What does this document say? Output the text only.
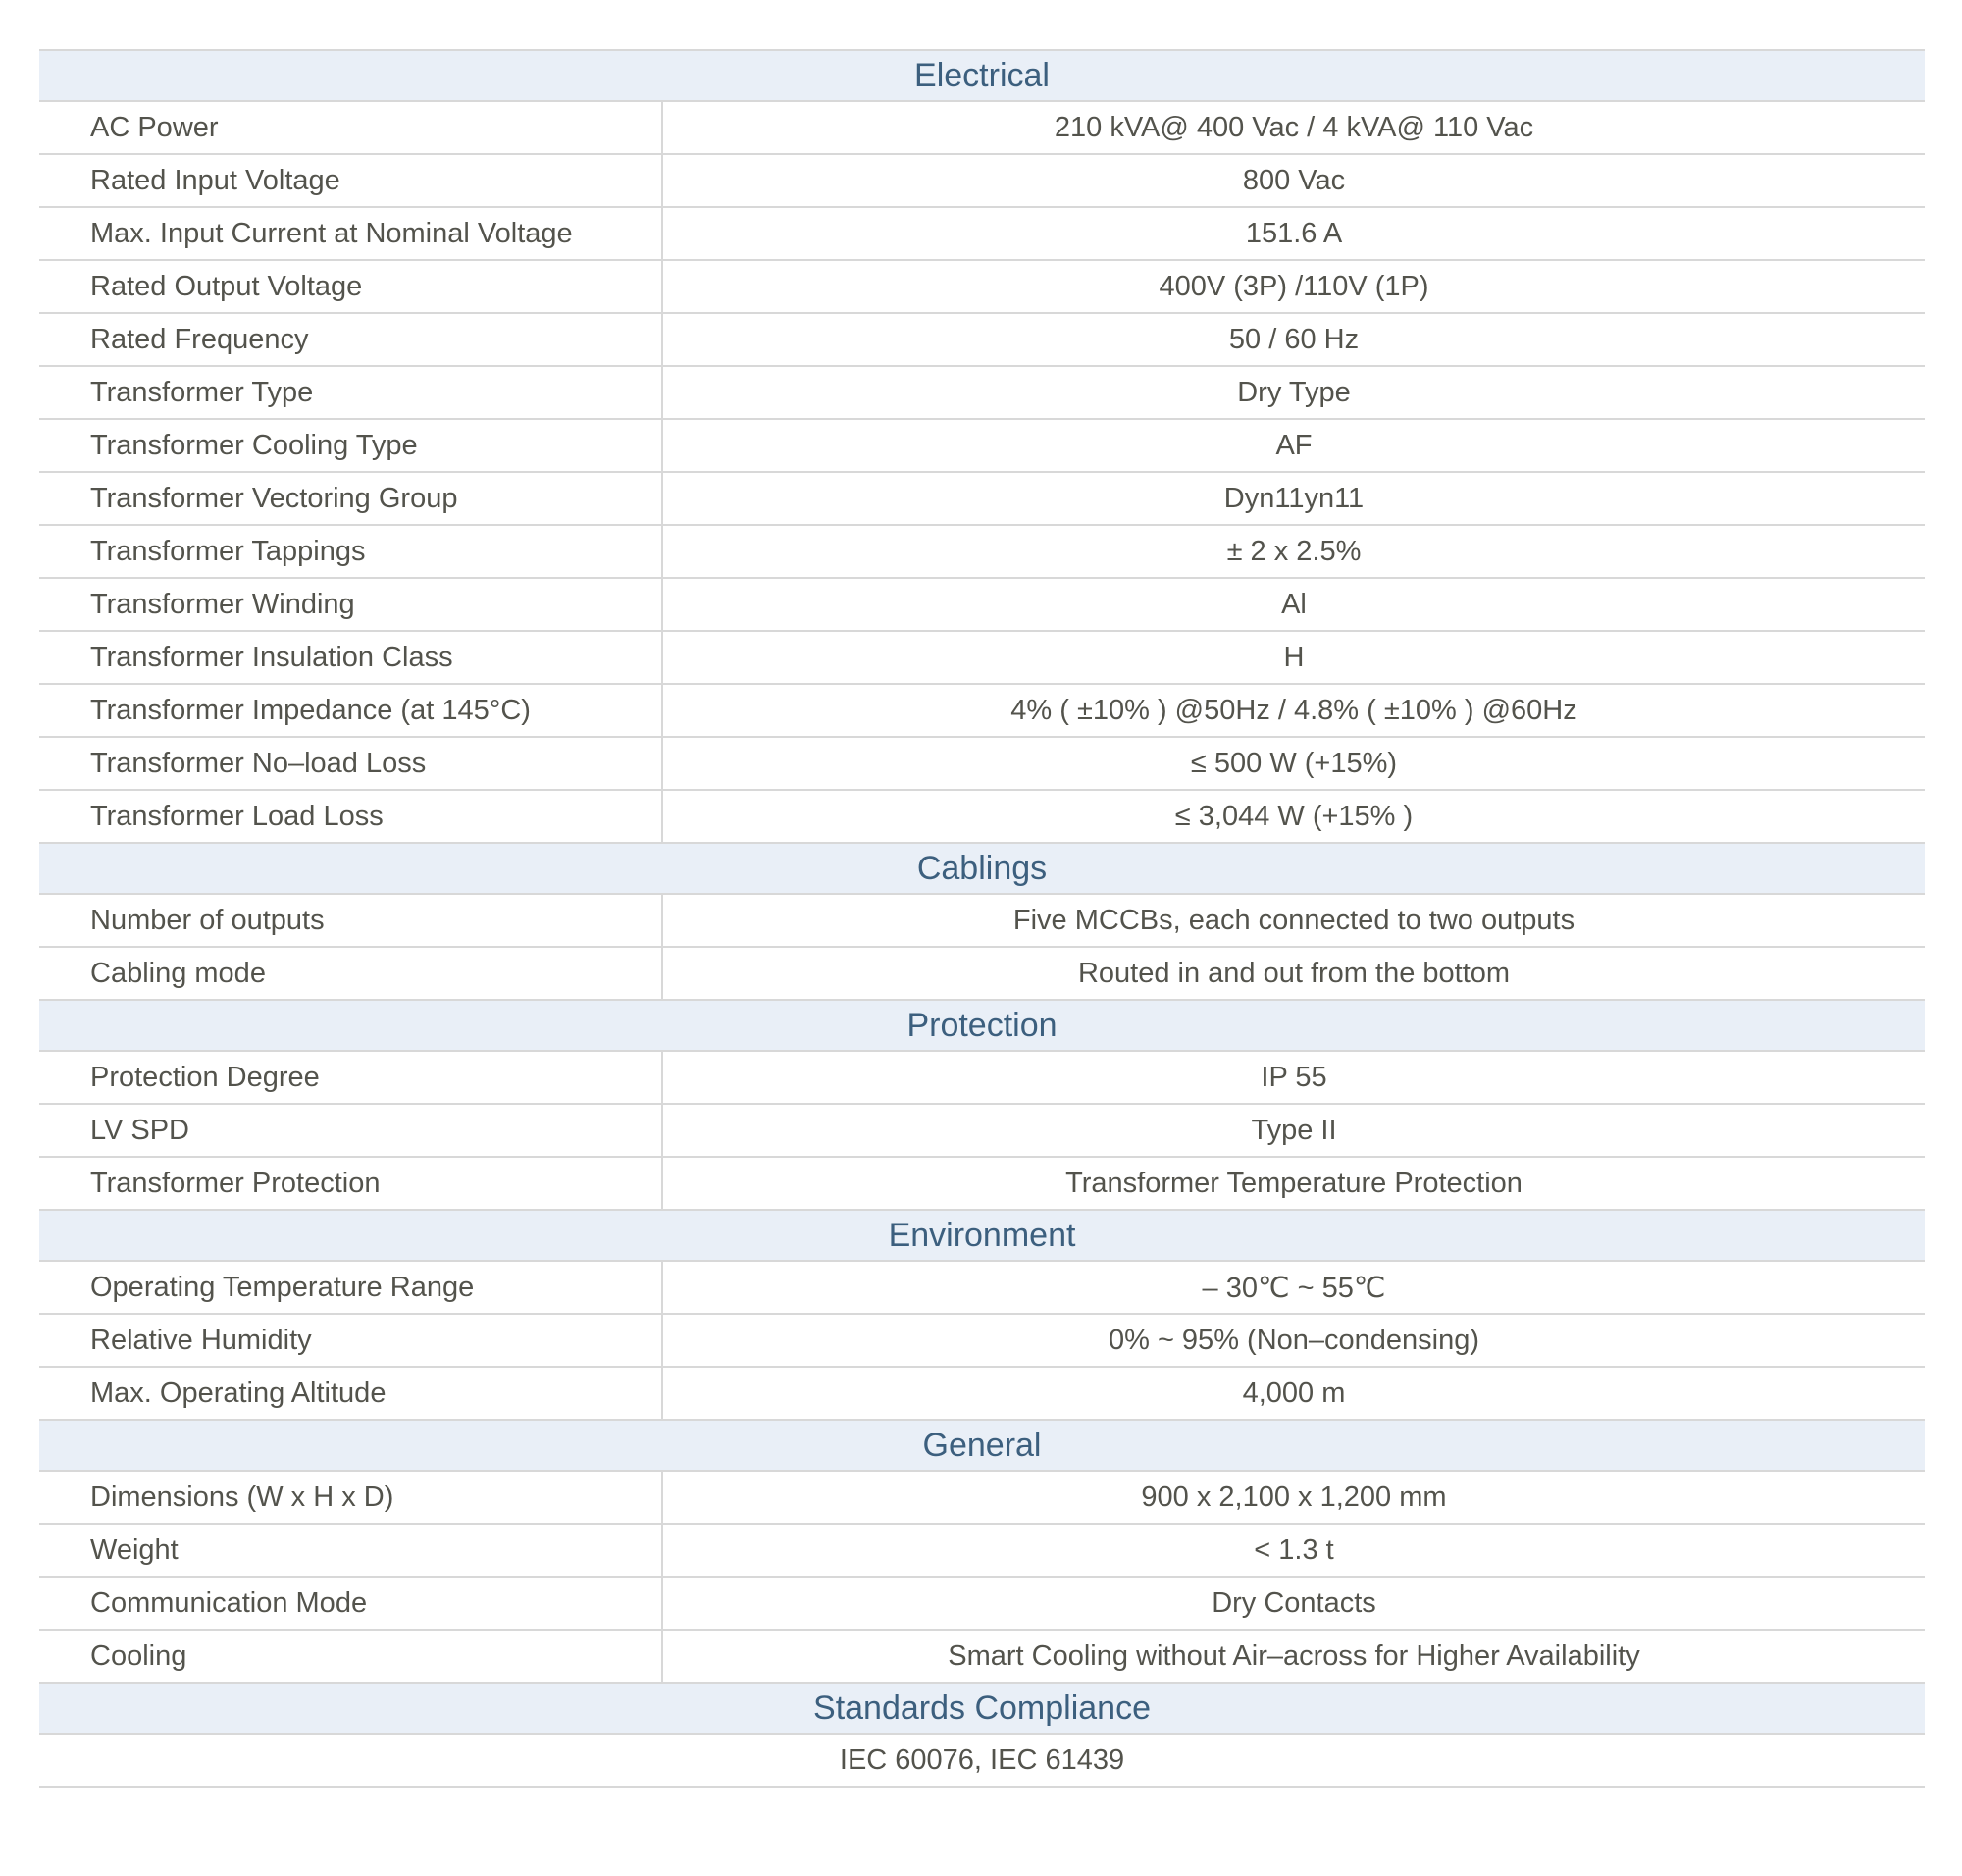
Electrical	
AC Power	210 kVA@ 400 Vac / 4 kVA@ 110 Vac
Rated Input Voltage	800 Vac
Max. Input Current at Nominal Voltage	151.6 A
Rated Output Voltage	400V (3P) /110V (1P)
Rated Frequency	50 / 60 Hz
Transformer Type	Dry Type
Transformer Cooling Type	AF
Transformer Vectoring Group	Dyn11yn11
Transformer Tappings	± 2 x 2.5%
Transformer Winding	Al
Transformer Insulation Class	H
Transformer Impedance (at 145°C)	4% ( ±10% ) @50Hz / 4.8% ( ±10% ) @60Hz
Transformer No–load Loss	≤ 500 W (+15%)
Transformer Load Loss	≤ 3,044 W (+15% )
Cablings	
Number of outputs	Five MCCBs, each connected to two outputs
Cabling mode	Routed in and out from the bottom
Protection	
Protection Degree	IP 55
LV SPD	Type II
Transformer Protection	Transformer Temperature Protection
Environment	
Operating Temperature Range	– 30℃ ~ 55℃
Relative Humidity	0% ~ 95% (Non–condensing)
Max. Operating Altitude	4,000 m
General	
Dimensions (W x H x D)	900 x 2,100 x 1,200 mm
Weight	< 1.3 t
Communication Mode	Dry Contacts
Cooling	Smart Cooling without Air–across for Higher Availability
Standards Compliance	
IEC 60076, IEC 61439	
